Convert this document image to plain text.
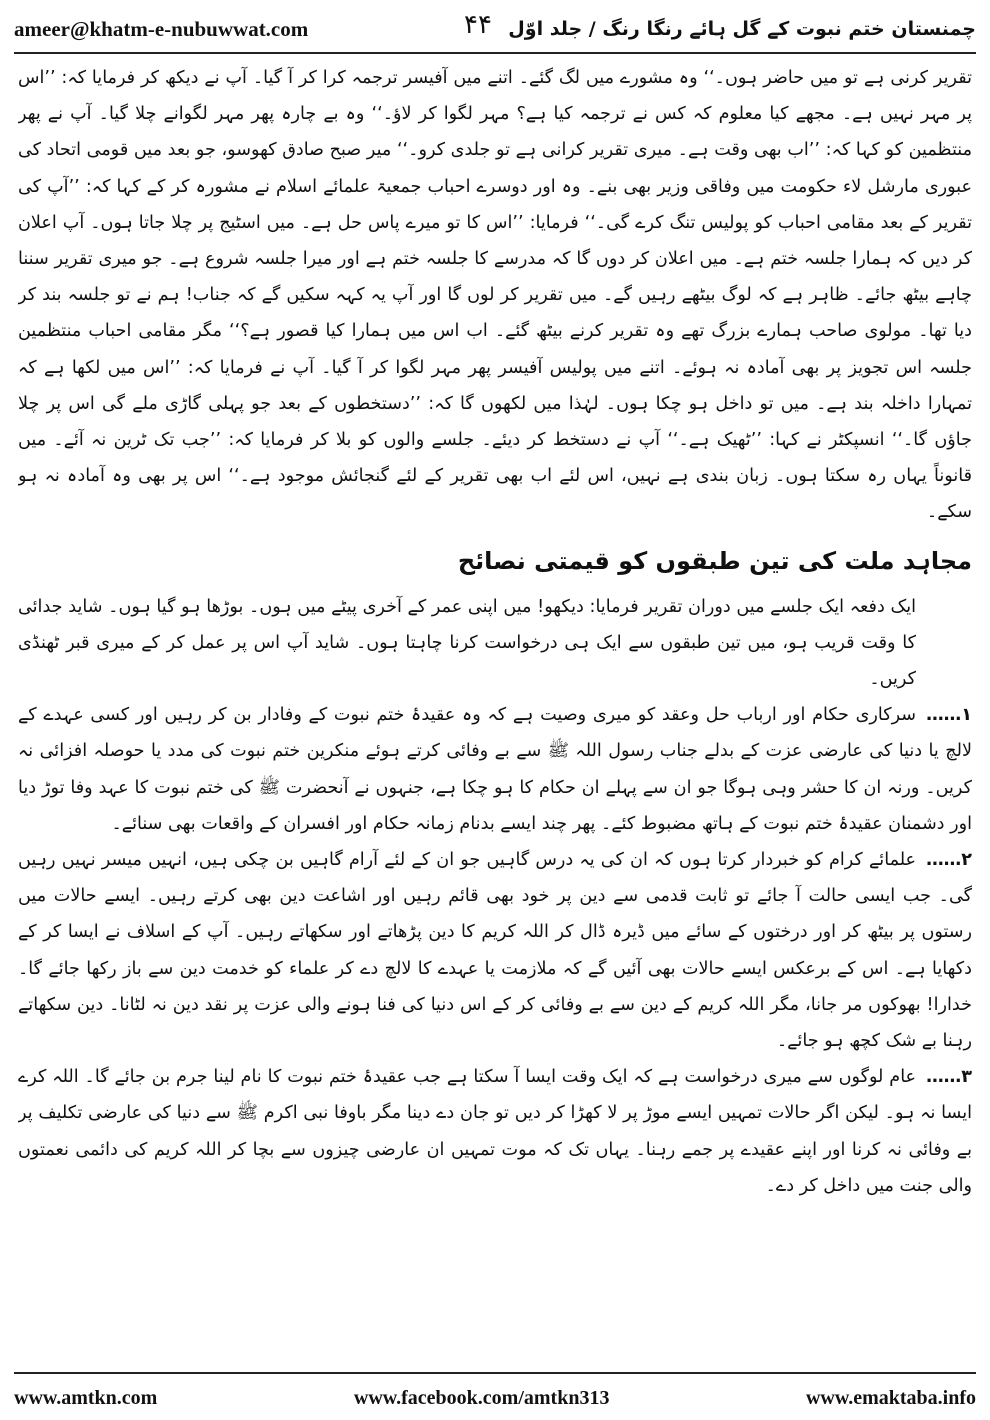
ameer@khatm-e-nubuwwat.com	۴۴ چمنستان ختم نبوت کے گل ہائے رنگا رنگ / جلد اوّل

تقریر کرنی ہے تو میں حاضر ہوں۔‘‘ وہ مشورے میں لگ گئے۔ اتنے میں آفیسر ترجمہ کرا کر آ گیا۔ آپ نے دیکھ کر فرمایا کہ: ’’اس پر مہر نہیں ہے۔ مجھے کیا معلوم کہ کس نے ترجمہ کیا ہے؟ مہر لگوا کر لاؤ۔‘‘ وہ بے چارہ پھر مہر لگوانے چلا گیا۔ آپ نے پھر منتظمین کو کہا کہ: ’’اب بھی وقت ہے۔ میری تقریر کرانی ہے تو جلدی کرو۔‘‘ میر صبح صادق کھوسو، جو بعد میں قومی اتحاد کی عبوری مارشل لاء حکومت میں وفاقی وزیر بھی بنے۔ وہ اور دوسرے احباب جمعیۃ علمائے اسلام نے مشورہ کر کے کہا کہ: ’’آپ کی تقریر کے بعد مقامی احباب کو پولیس تنگ کرے گی۔‘‘ فرمایا: ’’اس کا تو میرے پاس حل ہے۔ میں اسٹیج پر چلا جاتا ہوں۔ آپ اعلان کر دیں کہ ہمارا جلسہ ختم ہے۔ میں اعلان کر دوں گا کہ مدرسے کا جلسہ ختم ہے اور میرا جلسہ شروع ہے۔ جو میری تقریر سننا چاہے بیٹھ جائے۔ ظاہر ہے کہ لوگ بیٹھے رہیں گے۔ میں تقریر کر لوں گا اور آپ یہ کہہ سکیں گے کہ جناب! ہم نے تو جلسہ بند کر دیا تھا۔ مولوی صاحب ہمارے بزرگ تھے وہ تقریر کرنے بیٹھ گئے۔ اب اس میں ہمارا کیا قصور ہے؟‘‘ مگر مقامی احباب منتظمین جلسہ اس تجویز پر بھی آمادہ نہ ہوئے۔ اتنے میں پولیس آفیسر پھر مہر لگوا کر آ گیا۔ آپ نے فرمایا کہ: ’’اس میں لکھا ہے کہ تمہارا داخلہ بند ہے۔ میں تو داخل ہو چکا ہوں۔ لہٰذا میں لکھوں گا کہ: ’’دستخطوں کے بعد جو پہلی گاڑی ملے گی اس پر چلا جاؤں گا۔‘‘ انسپکٹر نے کہا: ’’ٹھیک ہے۔‘‘ آپ نے دستخط کر دیئے۔ جلسے والوں کو بلا کر فرمایا کہ: ’’جب تک ٹرین نہ آئے۔ میں قانوناً یہاں رہ سکتا ہوں۔ زبان بندی ہے نہیں، اس لئے اب بھی تقریر کے لئے گنجائش موجود ہے۔‘‘ اس پر بھی وہ آمادہ نہ ہو سکے۔

مجاہد ملت کی تین طبقوں کو قیمتی نصائح

ایک دفعہ ایک جلسے میں دوران تقریر فرمایا: دیکھو! میں اپنی عمر کے آخری پیٹے میں ہوں۔ بوڑھا ہو گیا ہوں۔ شاید جدائی کا وقت قریب ہو، میں تین طبقوں سے ایک ہی درخواست کرنا چاہتا ہوں۔ شاید آپ اس پر عمل کر کے میری قبر ٹھنڈی کریں۔

۱……سرکاری حکام اور ارباب حل وعقد کو میری وصیت ہے کہ وہ عقیدۂ ختم نبوت کے وفادار بن کر رہیں اور کسی عہدے کے لالچ یا دنیا کی عارضی عزت کے بدلے جناب رسول اللہ ﷺ سے بے وفائی کرتے ہوئے منکرین ختم نبوت کی مدد یا حوصلہ افزائی نہ کریں۔ ورنہ ان کا حشر وہی ہوگا جو ان سے پہلے ان حکام کا ہو چکا ہے، جنہوں نے آنحضرت ﷺ کی ختم نبوت کا عہد وفا توڑ دیا اور دشمنان عقیدۂ ختم نبوت کے ہاتھ مضبوط کئے۔ پھر چند ایسے بدنام زمانہ حکام اور افسران کے واقعات بھی سنائے۔

۲……علمائے کرام کو خبردار کرتا ہوں کہ ان کی یہ درس گاہیں جو ان کے لئے آرام گاہیں بن چکی ہیں، انہیں میسر نہیں رہیں گی۔ جب ایسی حالت آ جائے تو ثابت قدمی سے دین پر خود بھی قائم رہیں اور اشاعت دین بھی کرتے رہیں۔ ایسے حالات میں رستوں پر بیٹھ کر اور درختوں کے سائے میں ڈیرہ ڈال کر اللہ کریم کا دین پڑھاتے اور سکھاتے رہیں۔ آپ کے اسلاف نے ایسا کر کے دکھایا ہے۔ اس کے برعکس ایسے حالات بھی آئیں گے کہ ملازمت یا عہدے کا لالچ دے کر علماء کو خدمت دین سے باز رکھا جائے گا۔ خدارا! بھوکوں مر جانا، مگر اللہ کریم کے دین سے بے وفائی کر کے اس دنیا کی فنا ہونے والی عزت پر نقد دین نہ لٹانا۔ دین سکھاتے رہنا بے شک کچھ ہو جائے۔

۳……عام لوگوں سے میری درخواست ہے کہ ایک وقت ایسا آ سکتا ہے جب عقیدۂ ختم نبوت کا نام لینا جرم بن جائے گا۔ اللہ کرے ایسا نہ ہو۔ لیکن اگر حالات تمہیں ایسے موڑ پر لا کھڑا کر دیں تو جان دے دینا مگر باوفا نبی اکرم ﷺ سے دنیا کی عارضی تکلیف پر بے وفائی نہ کرنا اور اپنے عقیدے پر جمے رہنا۔ یہاں تک کہ موت تمہیں ان عارضی چیزوں سے بچا کر اللہ کریم کی دائمی نعمتوں والی جنت میں داخل کر دے۔

www.amtkn.com	www.facebook.com/amtkn313	www.emaktaba.info
